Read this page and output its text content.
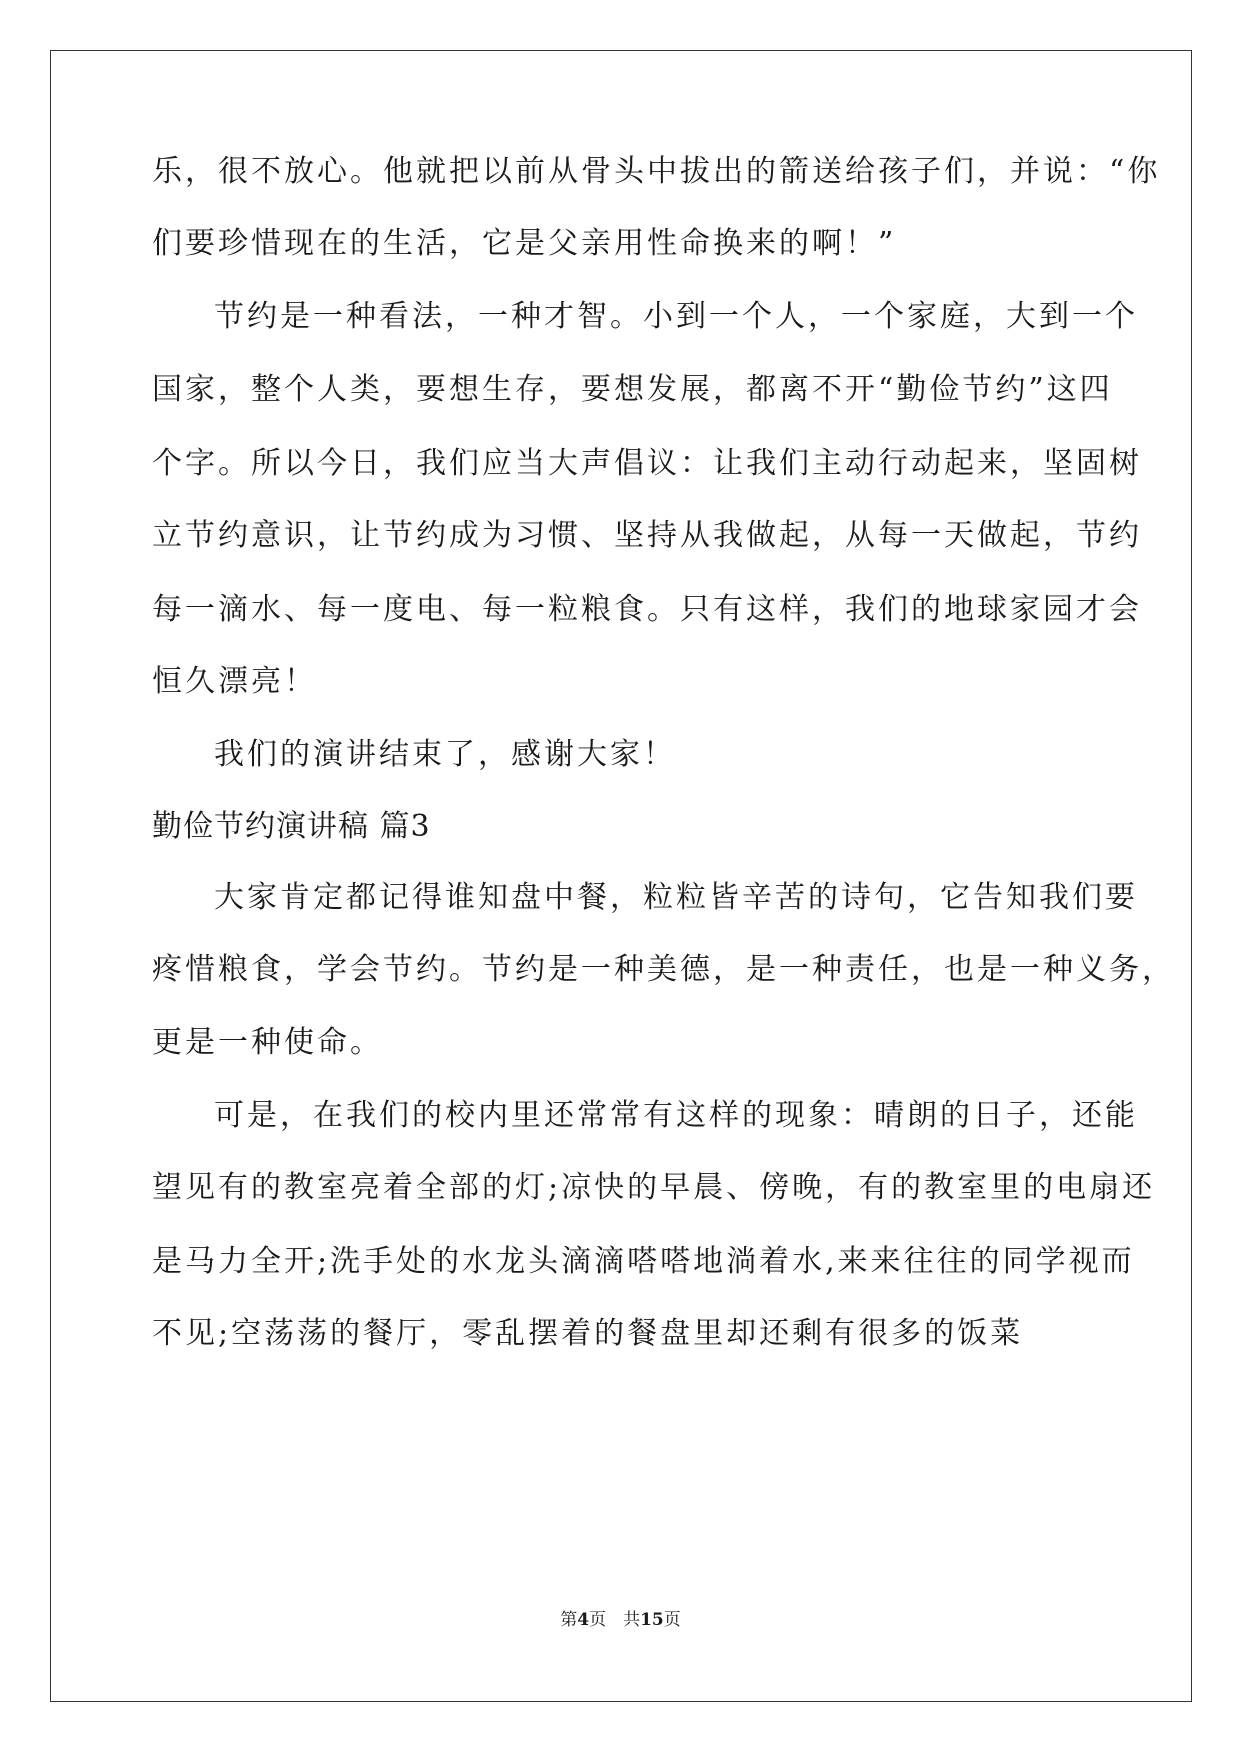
乐，很不放心。他就把以前从骨头中拔出的箭送给孩子们，并说：“你
们要珍惜现在的生活，它是父亲用性命换来的啊！”
节约是一种看法，一种才智。小到一个人，一个家庭，大到一个
国家，整个人类，要想生存，要想发展，都离不开“勤俭节约”这四
个字。所以今日，我们应当大声倡议：让我们主动行动起来，坚固树
立节约意识，让节约成为习惯、坚持从我做起，从每一天做起，节约
每一滴水、每一度电、每一粒粮食。只有这样，我们的地球家园才会
恒久漂亮！
我们的演讲结束了，感谢大家！
勤俭节约演讲稿 篇3
大家肯定都记得谁知盘中餐，粒粒皆辛苦的诗句，它告知我们要
疼惜粮食，学会节约。节约是一种美德，是一种责任，也是一种义务，
更是一种使命。
可是，在我们的校内里还常常有这样的现象：晴朗的日子，还能
望见有的教室亮着全部的灯;凉快的早晨、傍晚，有的教室里的电扇还
是马力全开;洗手处的水龙头滴滴嗒嗒地淌着水,来来往往的同学视而
不见;空荡荡的餐厅，零乱摆着的餐盘里却还剩有很多的饭菜
第4页　共15页
